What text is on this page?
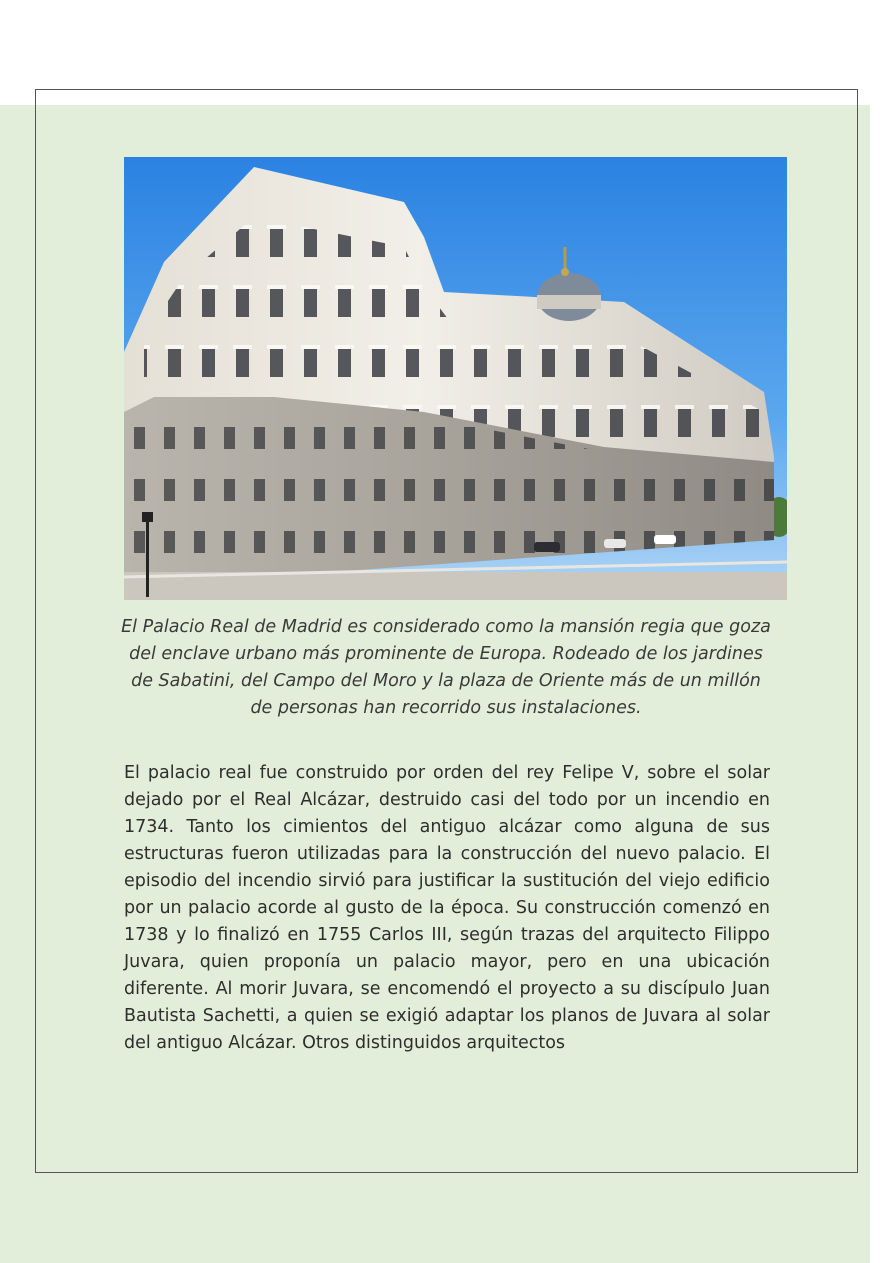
El Palacio Real de Madrid es considerado como la mansión regia que goza del enclave urbano más prominente de Europa. Rodeado de los jardines de Sabatini, del Campo del Moro y la plaza de Oriente más de un millón de personas han recorrido sus instalaciones.

El palacio real fue construido por orden del rey Felipe V, sobre el solar dejado por el Real Alcázar, destruido casi del todo por un incendio en 1734. Tanto los cimientos del antiguo alcázar como alguna de sus estructuras fueron utilizadas para la construcción del nuevo palacio. El episodio del incendio sirvió para justificar la sustitución del viejo edificio por un palacio acorde al gusto de la época. Su construcción comenzó en 1738 y lo finalizó en 1755 Carlos III, según trazas del arquitecto Filippo Juvara, quien proponía un palacio mayor, pero en una ubicación diferente. Al morir Juvara, se encomendó el proyecto a su discípulo Juan Bautista Sachetti, a quien se exigió adaptar los planos de Juvara al solar del antiguo Alcázar. Otros distinguidos arquitectos
